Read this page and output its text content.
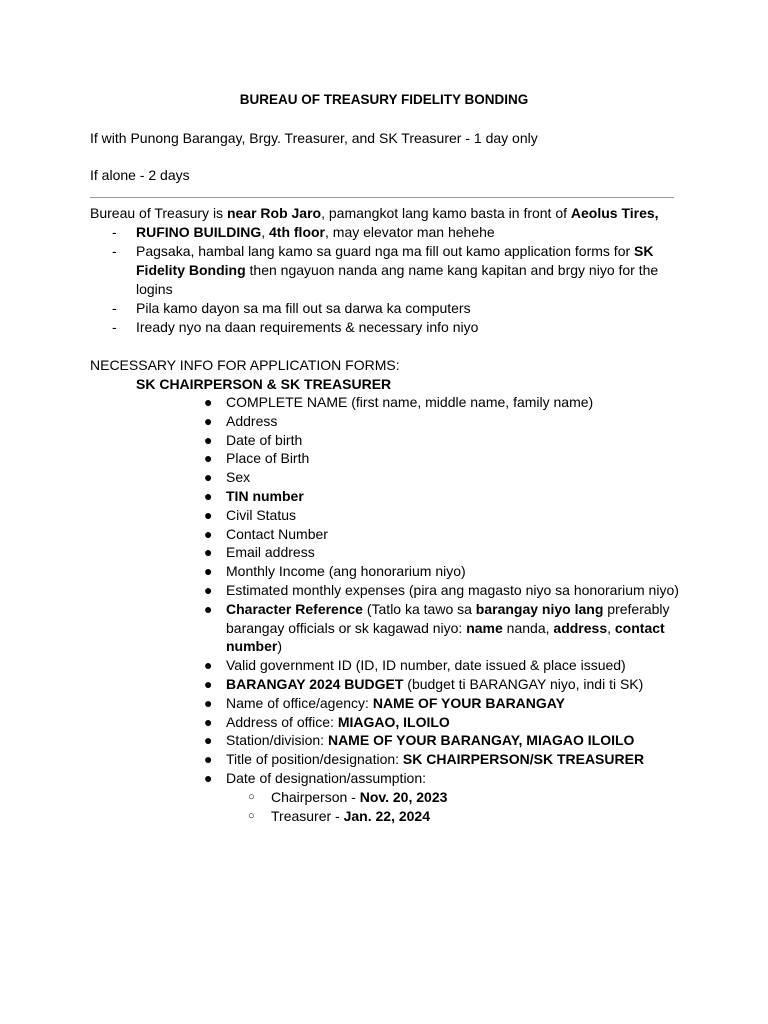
BUREAU OF TREASURY FIDELITY BONDING
If with Punong Barangay, Brgy. Treasurer, and SK Treasurer - 1 day only
If alone - 2 days
Bureau of Treasury is near Rob Jaro, pamangkot lang kamo basta in front of Aeolus Tires,
- RUFINO BUILDING, 4th floor, may elevator man hehehe
- Pagsaka, hambal lang kamo sa guard nga ma fill out kamo application forms for SK Fidelity Bonding then ngayuon nanda ang name kang kapitan and brgy niyo for the logins
- Pila kamo dayon sa ma fill out sa darwa ka computers
- Iready nyo na daan requirements & necessary info niyo
NECESSARY INFO FOR APPLICATION FORMS:
SK CHAIRPERSON & SK TREASURER
● COMPLETE NAME (first name, middle name, family name)
● Address
● Date of birth
● Place of Birth
● Sex
● TIN number
● Civil Status
● Contact Number
● Email address
● Monthly Income (ang honorarium niyo)
● Estimated monthly expenses (pira ang magasto niyo sa honorarium niyo)
● Character Reference (Tatlo ka tawo sa barangay niyo lang preferably barangay officials or sk kagawad niyo: name nanda, address, contact number)
● Valid government ID (ID, ID number, date issued & place issued)
● BARANGAY 2024 BUDGET (budget ti BARANGAY niyo, indi ti SK)
● Name of office/agency: NAME OF YOUR BARANGAY
● Address of office: MIAGAO, ILOILO
● Station/division: NAME OF YOUR BARANGAY, MIAGAO ILOILO
● Title of position/designation: SK CHAIRPERSON/SK TREASURER
● Date of designation/assumption:
○ Chairperson - Nov. 20, 2023
○ Treasurer - Jan. 22, 2024
